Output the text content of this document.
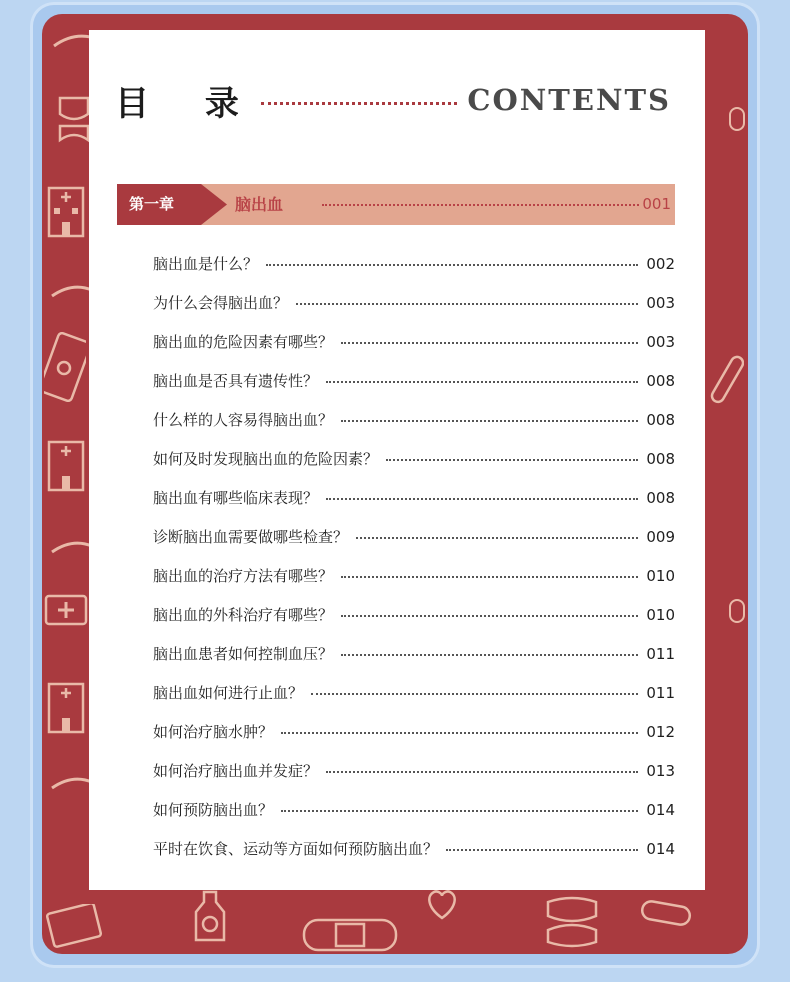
目 录	CONTENTS
第一章	脑出血	001
脑出血是什么？	002
为什么会得脑出血？	003
脑出血的危险因素有哪些？	003
脑出血是否具有遗传性？	008
什么样的人容易得脑出血？	008
如何及时发现脑出血的危险因素？	008
脑出血有哪些临床表现？	008
诊断脑出血需要做哪些检查？	009
脑出血的治疗方法有哪些？	010
脑出血的外科治疗有哪些？	010
脑出血患者如何控制血压？	011
脑出血如何进行止血？	011
如何治疗脑水肿？	012
如何治疗脑出血并发症？	013
如何预防脑出血？	014
平时在饮食、运动等方面如何预防脑出血？	014
